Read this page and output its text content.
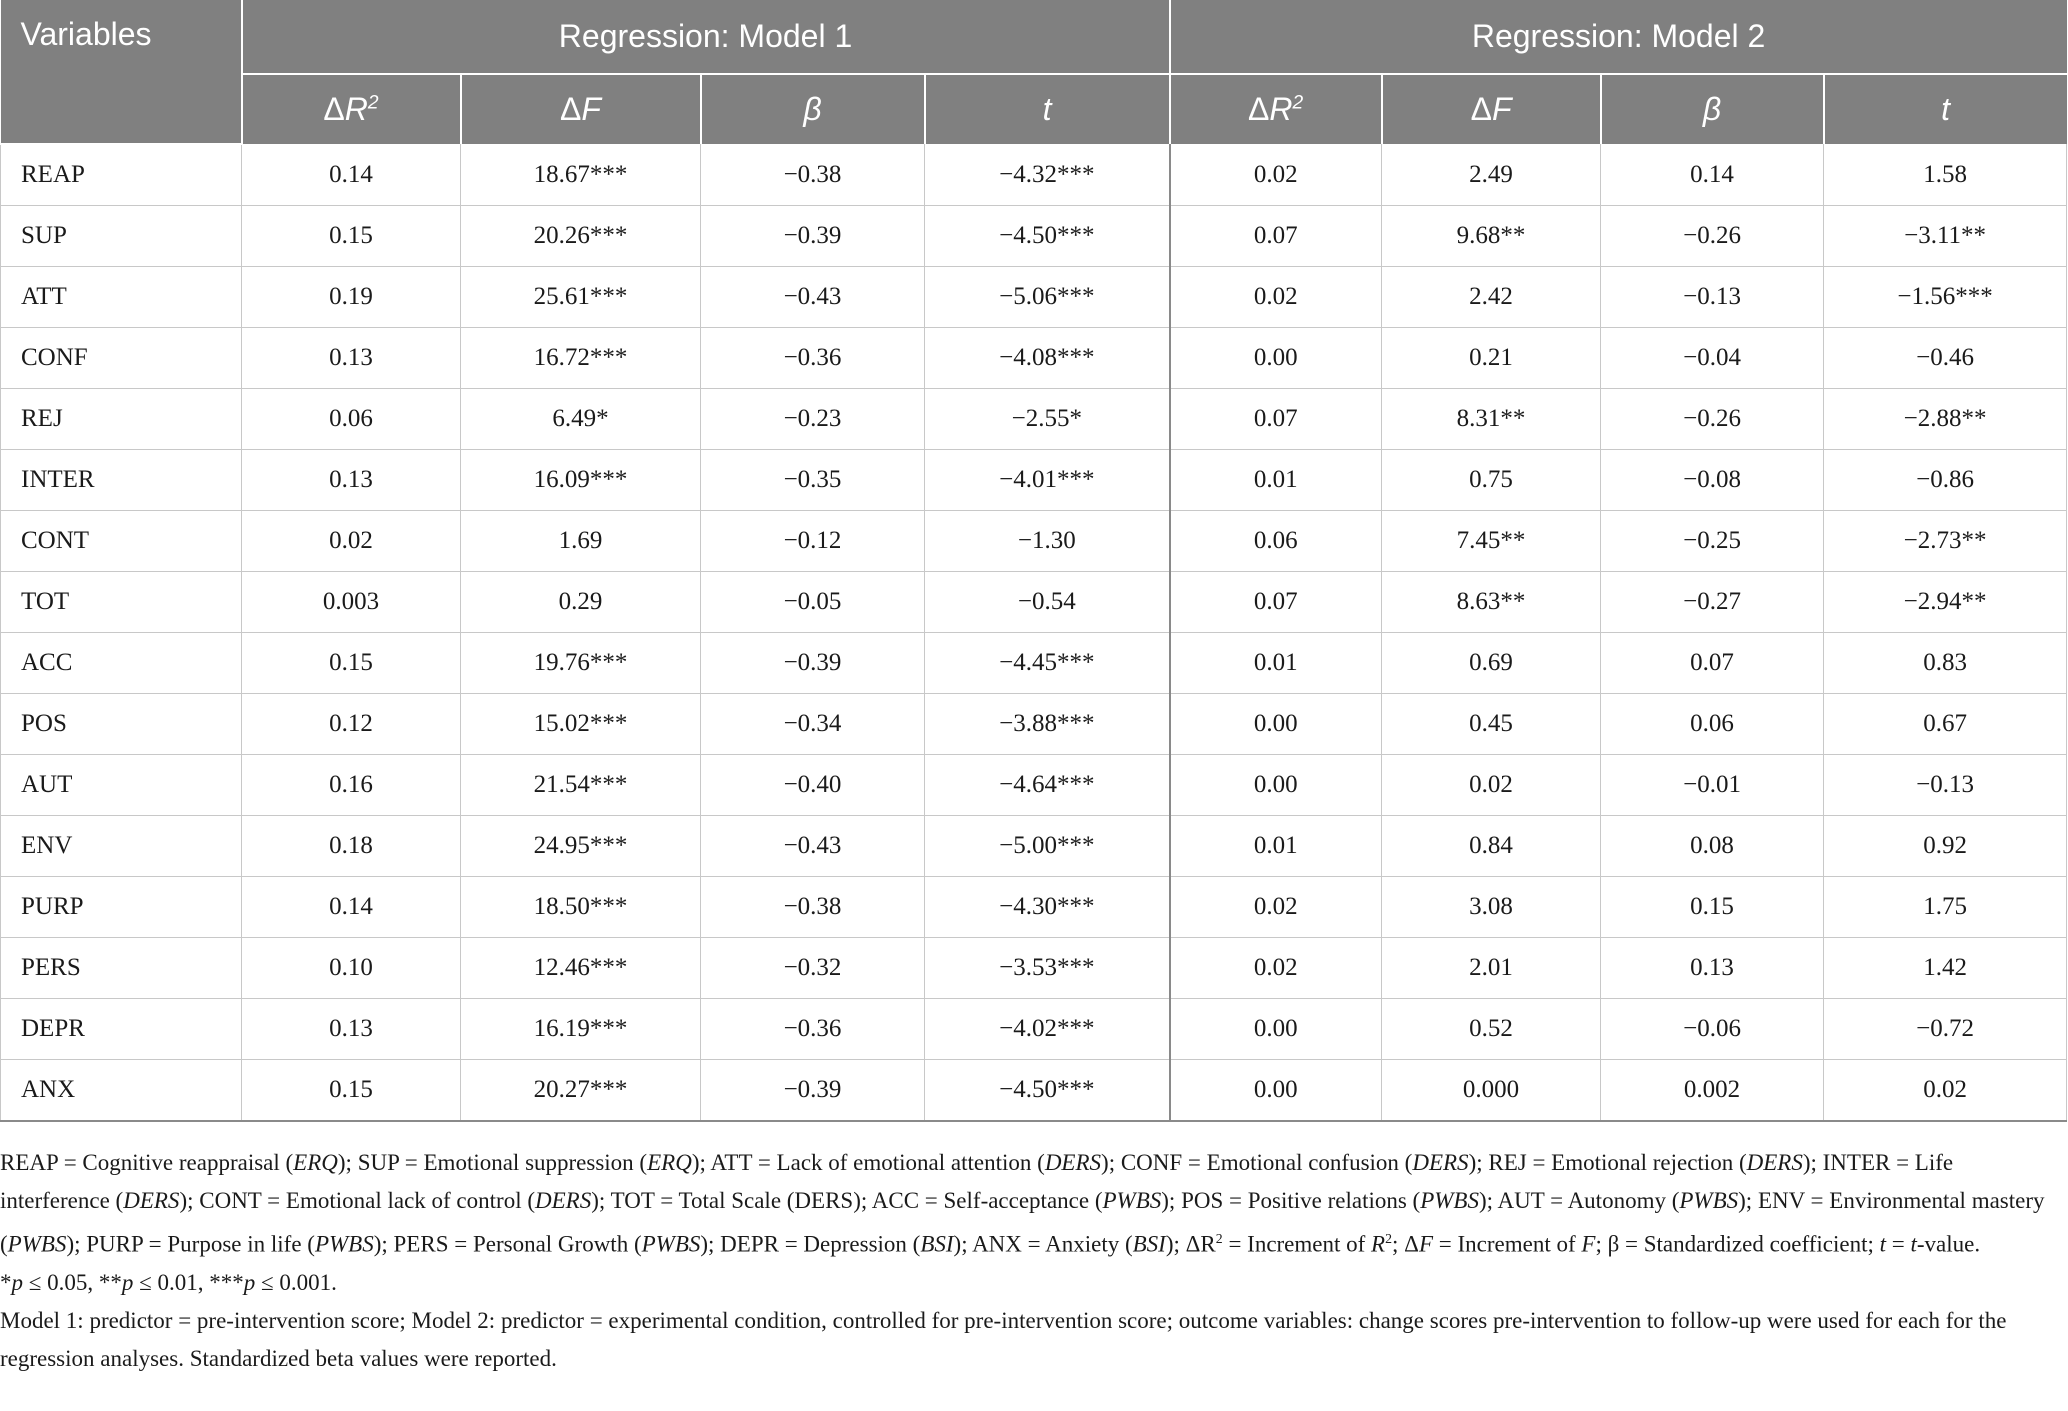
Variables	Regression: Model 1				Regression: Model 2			
	$\Delta R^2$	ΔF	β	t	$\Delta R^2$	ΔF	β	t
REAP	0.14	18.67***	−0.38	−4.32***	0.02	2.49	0.14	1.58
SUP	0.15	20.26***	−0.39	−4.50***	0.07	9.68**	−0.26	−3.11**
ATT	0.19	25.61***	−0.43	−5.06***	0.02	2.42	−0.13	−1.56***
CONF	0.13	16.72***	−0.36	−4.08***	0.00	0.21	−0.04	−0.46
REJ	0.06	6.49*	−0.23	−2.55*	0.07	8.31**	−0.26	−2.88**
INTER	0.13	16.09***	−0.35	−4.01***	0.01	0.75	−0.08	−0.86
CONT	0.02	1.69	−0.12	−1.30	0.06	7.45**	−0.25	−2.73**
TOT	0.003	0.29	−0.05	−0.54	0.07	8.63**	−0.27	−2.94**
ACC	0.15	19.76***	−0.39	−4.45***	0.01	0.69	0.07	0.83
POS	0.12	15.02***	−0.34	−3.88***	0.00	0.45	0.06	0.67
AUT	0.16	21.54***	−0.40	−4.64***	0.00	0.02	−0.01	−0.13
ENV	0.18	24.95***	−0.43	−5.00***	0.01	0.84	0.08	0.92
PURP	0.14	18.50***	−0.38	−4.30***	0.02	3.08	0.15	1.75
PERS	0.10	12.46***	−0.32	−3.53***	0.02	2.01	0.13	1.42
DEPR	0.13	16.19***	−0.36	−4.02***	0.00	0.52	−0.06	−0.72
ANX	0.15	20.27***	−0.39	−4.50***	0.00	0.000	0.002	0.02

REAP = Cognitive reappraisal (ERQ); SUP = Emotional suppression (ERQ); ATT = Lack of emotional attention (DERS); CONF = Emotional confusion (DERS); REJ = Emotional rejection (DERS); INTER = Life interference (DERS); CONT = Emotional lack of control (DERS); TOT = Total Scale (DERS); ACC = Self-acceptance (PWBS); POS = Positive relations (PWBS); AUT = Autonomy (PWBS); ENV = Environmental mastery (PWBS); PURP = Purpose in life (PWBS); PERS = Personal Growth (PWBS); DEPR = Depression (BSI); ANX = Anxiety (BSI); $\Delta R^2$ = Increment of $R^2$; ΔF = Increment of F; β = Standardized coefficient; t = t-value.

*p ≤ 0.05, **p ≤ 0.01, ***p ≤ 0.001.

Model 1: predictor = pre-intervention score; Model 2: predictor = experimental condition, controlled for pre-intervention score; outcome variables: change scores pre-intervention to follow-up were used for each for the regression analyses. Standardized beta values were reported.
